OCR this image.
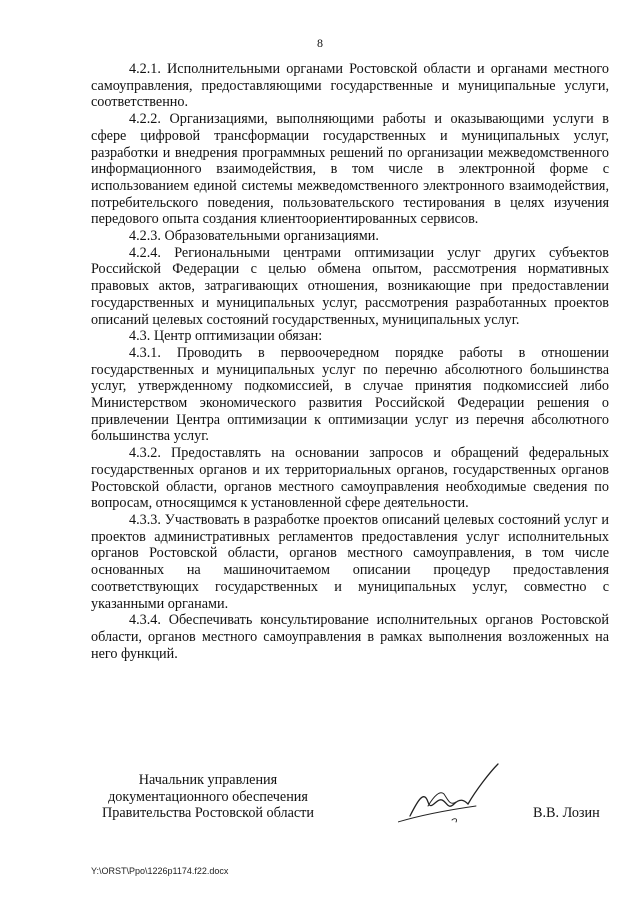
8

4.2.1. Исполнительными органами Ростовской области и органами местного самоуправления, предоставляющими государственные и муниципальные услуги, соответственно.

4.2.2. Организациями, выполняющими работы и оказывающими услуги в сфере цифровой трансформации государственных и муниципальных услуг, разработки и внедрения программных решений по организации межведомственного информационного взаимодействия, в том числе в электронной форме с использованием единой системы межведомственного электронного взаимодействия, потребительского поведения, пользовательского тестирования в целях изучения передового опыта создания клиентоориентированных сервисов.

4.2.3. Образовательными организациями.

4.2.4. Региональными центрами оптимизации услуг других субъектов Российской Федерации с целью обмена опытом, рассмотрения нормативных правовых актов, затрагивающих отношения, возникающие при предоставлении государственных и муниципальных услуг, рассмотрения разработанных проектов описаний целевых состояний государственных, муниципальных услуг.

4.3. Центр оптимизации обязан:

4.3.1. Проводить в первоочередном порядке работы в отношении государственных и муниципальных услуг по перечню абсолютного большинства услуг, утвержденному подкомиссией, в случае принятия подкомиссией либо Министерством экономического развития Российской Федерации решения о привлечении Центра оптимизации к оптимизации услуг из перечня абсолютного большинства услуг.

4.3.2. Предоставлять на основании запросов и обращений федеральных государственных органов и их территориальных органов, государственных органов Ростовской области, органов местного самоуправления необходимые сведения по вопросам, относящимся к установленной сфере деятельности.

4.3.3. Участвовать в разработке проектов описаний целевых состояний услуг и проектов административных регламентов предоставления услуг исполнительных органов Ростовской области, органов местного самоуправления, в том числе основанных на машиночитаемом описании процедур предоставления соответствующих государственных и муниципальных услуг, совместно с указанными органами.

4.3.4. Обеспечивать консультирование исполнительных органов Ростовской области, органов местного самоуправления в рамках выполнения возложенных на него функций.

Начальник управления
документационного обеспечения
Правительства Ростовской области	В.В. Лозин
Y:\ORST\Ppo\1226p1174.f22.docx
